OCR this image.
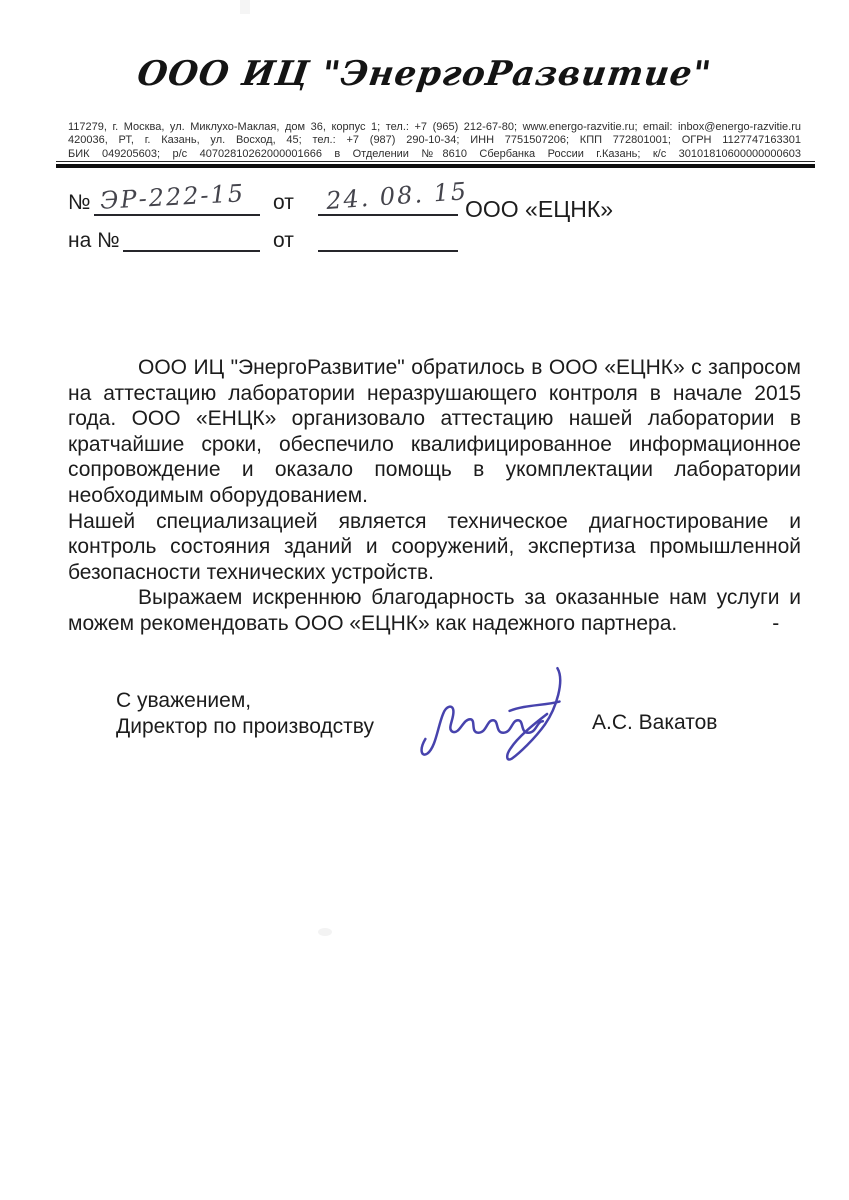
ООО ИЦ "ЭнергоРазвитие"
117279, г. Москва, ул. Миклухо-Маклая, дом 36, корпус 1; тел.: +7 (965) 212-67-80; www.energo-razvitie.ru; email: inbox@energo-razvitie.ru
420036, РТ, г. Казань, ул. Восход, 45; тел.: +7 (987) 290-10-34; ИНН 7751507206; КПП 772801001; ОГРН 1127747163301
БИК 049205603; р/с 40702810262000001666 в Отделении №8610 Сбербанка России г.Казань; к/с 30101810600000000603
№ ЭР-222-15 от 24. 08. 15
ООО «ЕЦНК»
на №	от

ООО ИЦ "ЭнергоРазвитие" обратилось в ООО «ЕЦНК» с запросом на аттестацию лаборатории неразрушающего контроля в начале 2015 года. ООО «ЕНЦК» организовало аттестацию нашей лаборатории в кратчайшие сроки, обеспечило квалифицированное информационное сопровождение и оказало помощь в укомплектации лаборатории необходимым оборудованием.

Нашей специализацией является техническое диагностирование и контроль состояния зданий и сооружений, экспертиза промышленной безопасности технических устройств.

Выражаем искреннюю благодарность за оказанные нам услуги и можем рекомендовать ООО «ЕЦНК» как надежного партнера.	-

С уважением,
Директор по производству	А.С. Вакатов
